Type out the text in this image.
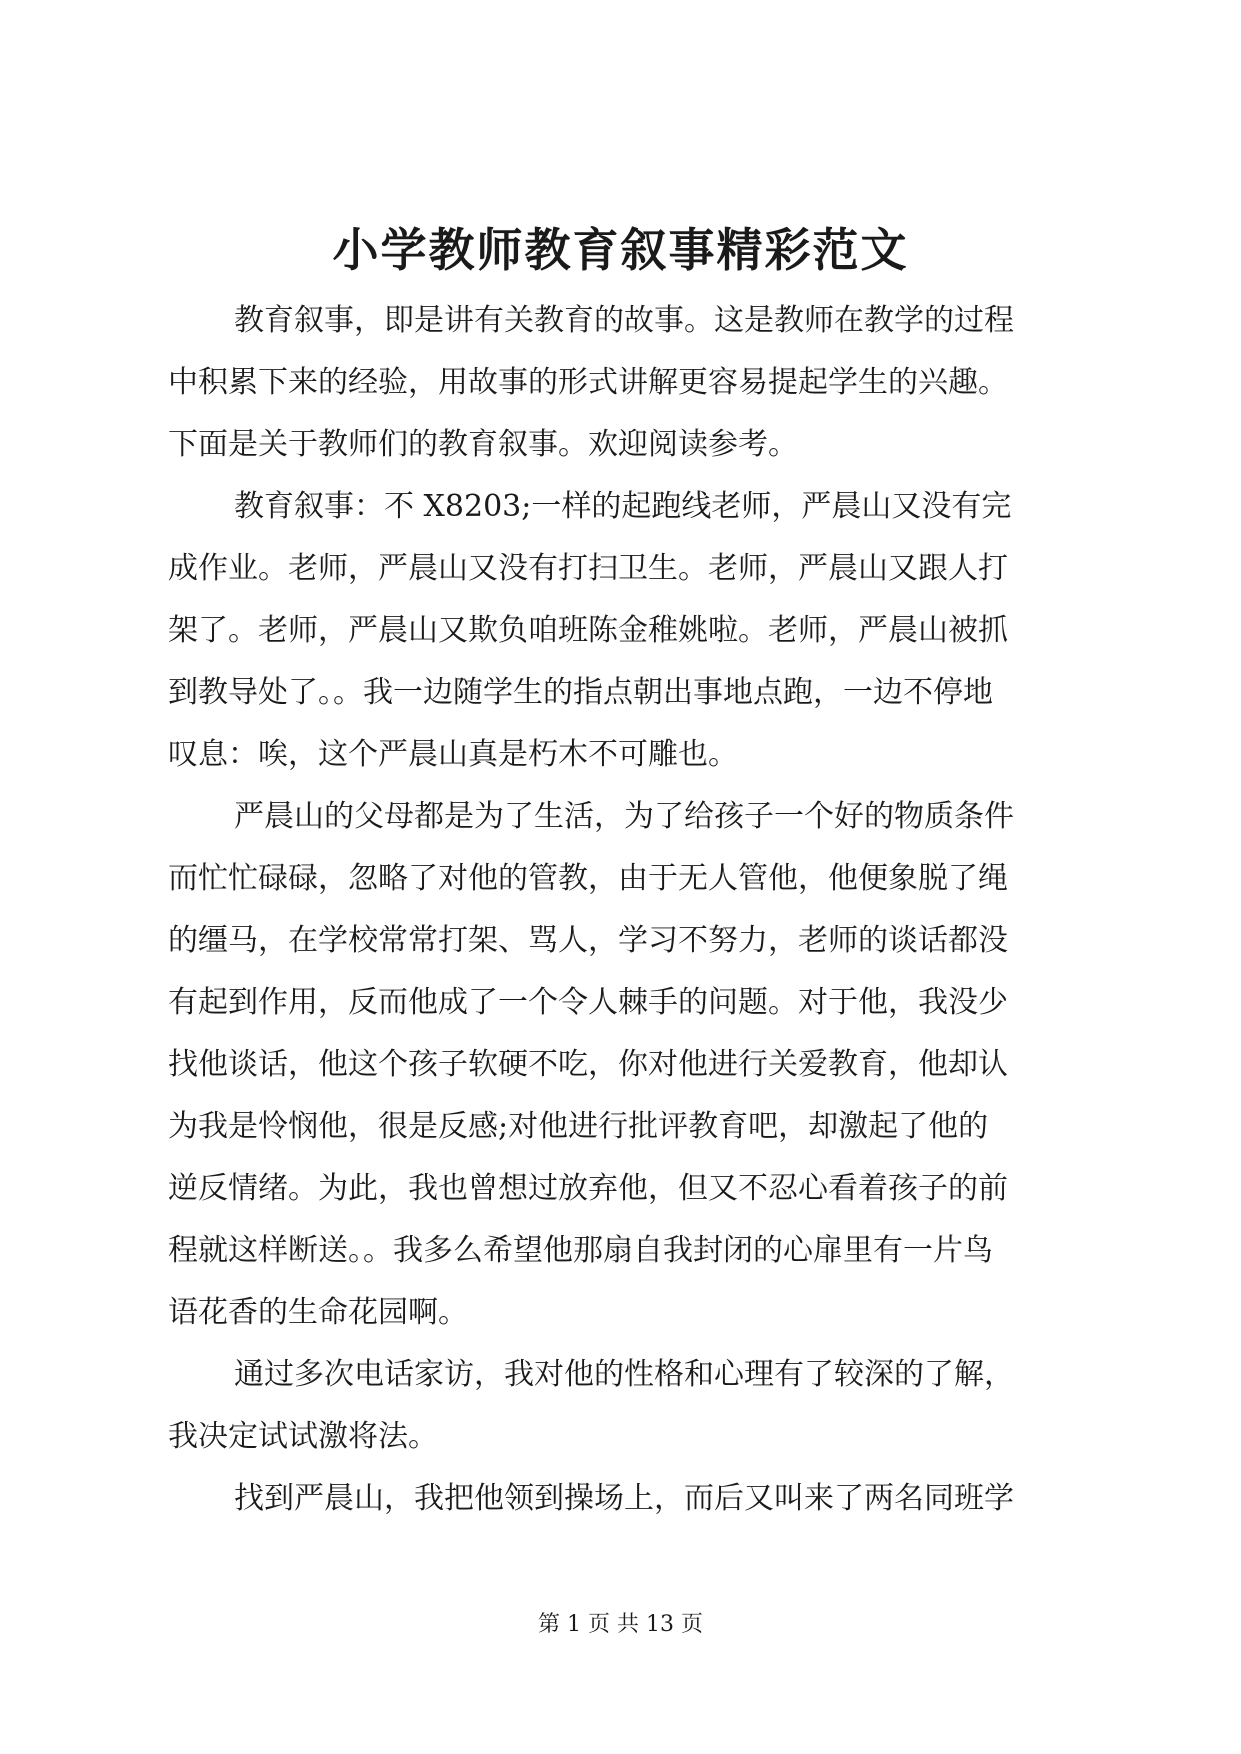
小学教师教育叙事精彩范文
教育叙事，即是讲有关教育的故事。这是教师在教学的过程
中积累下来的经验，用故事的形式讲解更容易提起学生的兴趣。
下面是关于教师们的教育叙事。欢迎阅读参考。
教育叙事：不 X8203;一样的起跑线老师，严晨山又没有完
成作业。老师，严晨山又没有打扫卫生。老师，严晨山又跟人打
架了。老师，严晨山又欺负咱班陈金稚姚啦。老师，严晨山被抓
到教导处了。。我一边随学生的指点朝出事地点跑，一边不停地
叹息：唉，这个严晨山真是朽木不可雕也。
严晨山的父母都是为了生活，为了给孩子一个好的物质条件
而忙忙碌碌，忽略了对他的管教，由于无人管他，他便象脱了绳
的缰马，在学校常常打架、骂人，学习不努力，老师的谈话都没
有起到作用，反而他成了一个令人棘手的问题。对于他，我没少
找他谈话，他这个孩子软硬不吃，你对他进行关爱教育，他却认
为我是怜悯他，很是反感;对他进行批评教育吧，却激起了他的
逆反情绪。为此，我也曾想过放弃他，但又不忍心看着孩子的前
程就这样断送。。我多么希望他那扇自我封闭的心扉里有一片鸟
语花香的生命花园啊。
通过多次电话家访，我对他的性格和心理有了较深的了解，
我决定试试激将法。
找到严晨山，我把他领到操场上，而后又叫来了两名同班学
第 1 页 共 13 页
